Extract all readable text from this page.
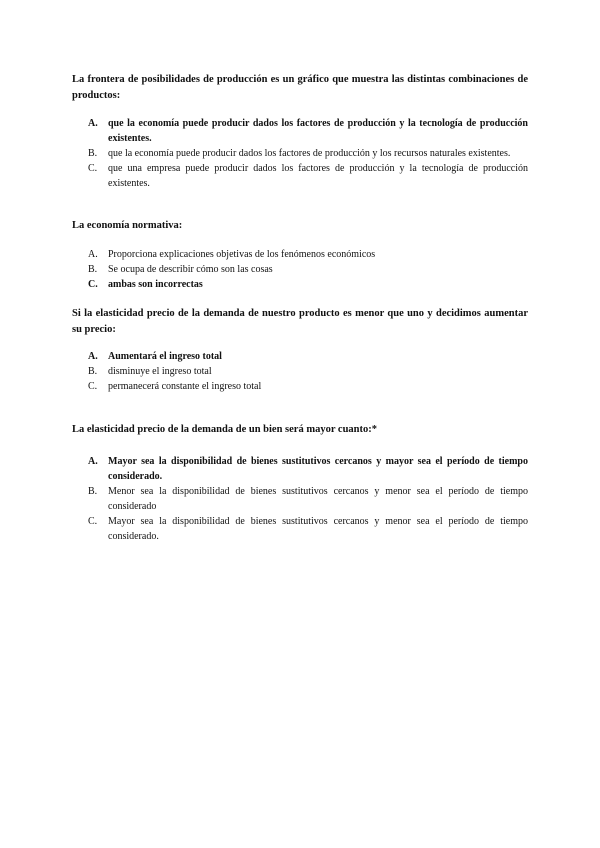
La frontera de posibilidades de producción es un gráfico que muestra las distintas combinaciones de productos:

A. que la economía puede producir dados los factores de producción y la tecnología de producción existentes.
B. que la economía puede producir dados los factores de producción y los recursos naturales existentes.
C. que una empresa puede producir dados los factores de producción y la tecnología de producción existentes.

La economía normativa:

A. Proporciona explicaciones objetivas de los fenómenos económicos
B. Se ocupa de describir cómo son las cosas
C. ambas son incorrectas

Si la elasticidad precio de la demanda de nuestro producto es menor que uno y decidimos aumentar su precio:

A. Aumentará el ingreso total
B. disminuye el ingreso total
C. permanecerá constante el ingreso total

La elasticidad precio de la demanda de un bien será mayor cuanto:*

A. Mayor sea la disponibilidad de bienes sustitutivos cercanos y mayor sea el período de tiempo considerado.
B. Menor sea la disponibilidad de bienes sustitutivos cercanos y menor sea el período de tiempo considerado
C. Mayor sea la disponibilidad de bienes sustitutivos cercanos y menor sea el período de tiempo considerado.
